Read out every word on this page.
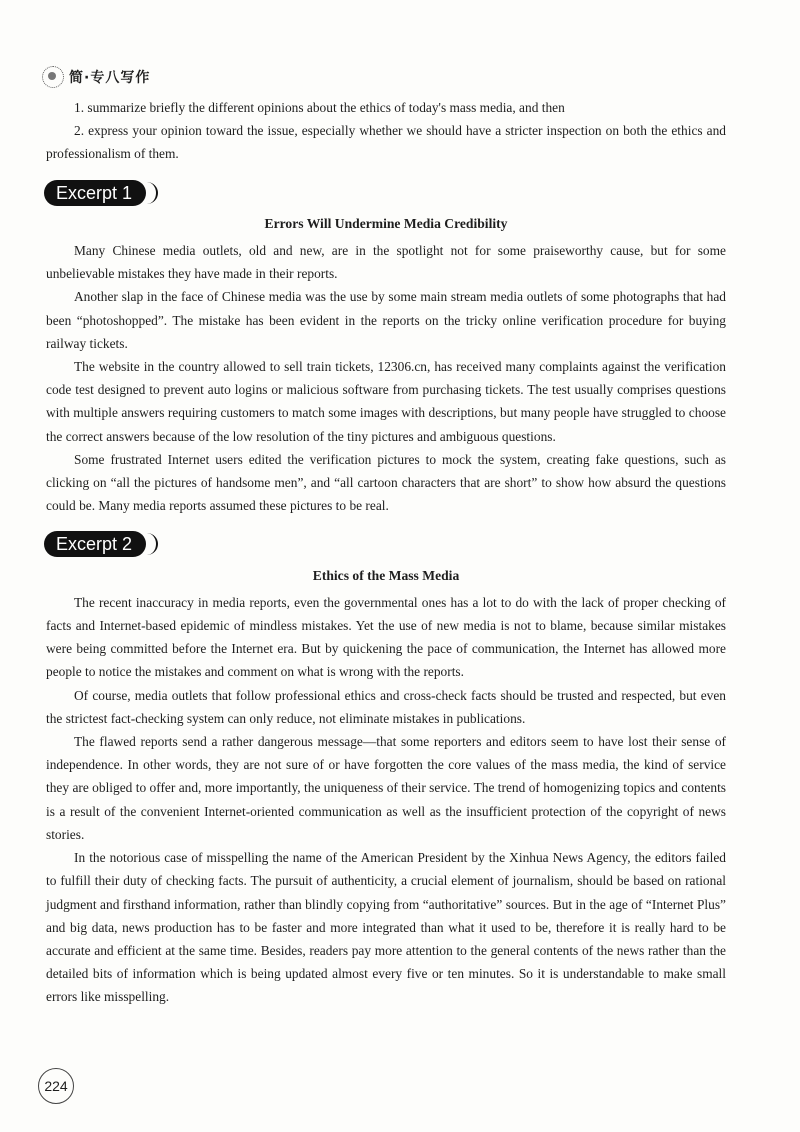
简·专八写作

1. summarize briefly the different opinions about the ethics of today's mass media, and then

2. express your opinion toward the issue, especially whether we should have a stricter inspection on both the ethics and professionalism of them.

Excerpt 1
Errors Will Undermine Media Credibility

Many Chinese media outlets, old and new, are in the spotlight not for some praiseworthy cause, but for some unbelievable mistakes they have made in their reports.

Another slap in the face of Chinese media was the use by some main stream media outlets of some photographs that had been “photoshopped”. The mistake has been evident in the reports on the tricky online verification procedure for buying railway tickets.

The website in the country allowed to sell train tickets, 12306.cn, has received many complaints against the verification code test designed to prevent auto logins or malicious software from purchasing tickets. The test usually comprises questions with multiple answers requiring customers to match some images with descriptions, but many people have struggled to choose the correct answers because of the low resolution of the tiny pictures and ambiguous questions.

Some frustrated Internet users edited the verification pictures to mock the system, creating fake questions, such as clicking on “all the pictures of handsome men”, and “all cartoon characters that are short” to show how absurd the questions could be. Many media reports assumed these pictures to be real.

Excerpt 2
Ethics of the Mass Media

The recent inaccuracy in media reports, even the governmental ones has a lot to do with the lack of proper checking of facts and Internet-based epidemic of mindless mistakes. Yet the use of new media is not to blame, because similar mistakes were being committed before the Internet era. But by quickening the pace of communication, the Internet has allowed more people to notice the mistakes and comment on what is wrong with the reports.

Of course, media outlets that follow professional ethics and cross-check facts should be trusted and respected, but even the strictest fact-checking system can only reduce, not eliminate mistakes in publications.

The flawed reports send a rather dangerous message—that some reporters and editors seem to have lost their sense of independence. In other words, they are not sure of or have forgotten the core values of the mass media, the kind of service they are obliged to offer and, more importantly, the uniqueness of their service. The trend of homogenizing topics and contents is a result of the convenient Internet-oriented communication as well as the insufficient protection of the copyright of news stories.

In the notorious case of misspelling the name of the American President by the Xinhua News Agency, the editors failed to fulfill their duty of checking facts. The pursuit of authenticity, a crucial element of journalism, should be based on rational judgment and firsthand information, rather than blindly copying from “authoritative” sources. But in the age of “Internet Plus” and big data, news production has to be faster and more integrated than what it used to be, therefore it is really hard to be accurate and efficient at the same time. Besides, readers pay more attention to the general contents of the news rather than the detailed bits of information which is being updated almost every five or ten minutes. So it is understandable to make small errors like misspelling.

224
